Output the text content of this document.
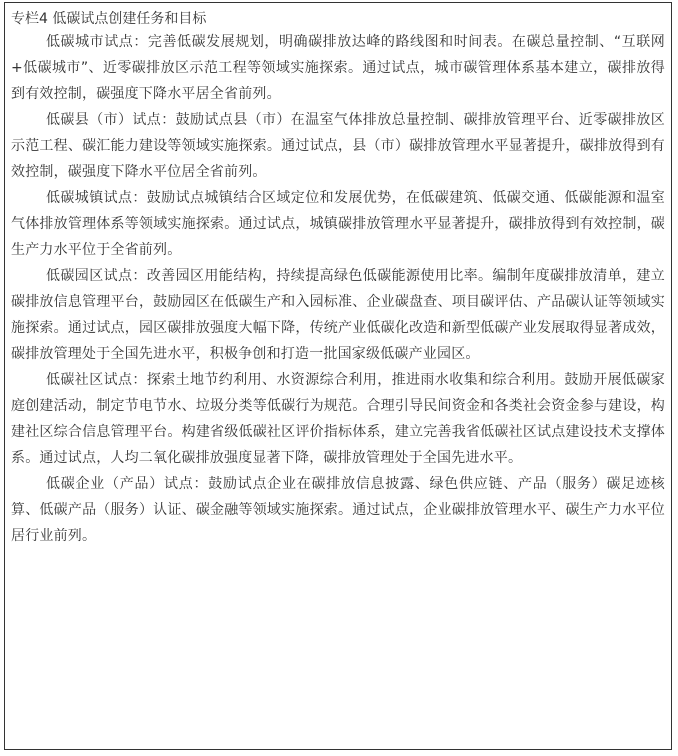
专栏4 低碳试点创建任务和目标

低碳城市试点：完善低碳发展规划，明确碳排放达峰的路线图和时间表。在碳总量控制、“互联网+低碳城市”、近零碳排放区示范工程等领域实施探索。通过试点，城市碳管理体系基本建立，碳排放得到有效控制，碳强度下降水平居全省前列。

低碳县（市）试点：鼓励试点县（市）在温室气体排放总量控制、碳排放管理平台、近零碳排放区示范工程、碳汇能力建设等领域实施探索。通过试点，县（市）碳排放管理水平显著提升，碳排放得到有效控制，碳强度下降水平位居全省前列。

低碳城镇试点：鼓励试点城镇结合区域定位和发展优势，在低碳建筑、低碳交通、低碳能源和温室气体排放管理体系等领域实施探索。通过试点，城镇碳排放管理水平显著提升，碳排放得到有效控制，碳生产力水平位于全省前列。

低碳园区试点：改善园区用能结构，持续提高绿色低碳能源使用比率。编制年度碳排放清单，建立碳排放信息管理平台，鼓励园区在低碳生产和入园标准、企业碳盘查、项目碳评估、产品碳认证等领域实施探索。通过试点，园区碳排放强度大幅下降，传统产业低碳化改造和新型低碳产业发展取得显著成效，碳排放管理处于全国先进水平，积极争创和打造一批国家级低碳产业园区。

低碳社区试点：探索土地节约利用、水资源综合利用，推进雨水收集和综合利用。鼓励开展低碳家庭创建活动，制定节电节水、垃圾分类等低碳行为规范。合理引导民间资金和各类社会资金参与建设，构建社区综合信息管理平台。构建省级低碳社区评价指标体系，建立完善我省低碳社区试点建设技术支撑体系。通过试点，人均二氧化碳排放强度显著下降，碳排放管理处于全国先进水平。

低碳企业（产品）试点：鼓励试点企业在碳排放信息披露、绿色供应链、产品（服务）碳足迹核算、低碳产品（服务）认证、碳金融等领域实施探索。通过试点，企业碳排放管理水平、碳生产力水平位居行业前列。
